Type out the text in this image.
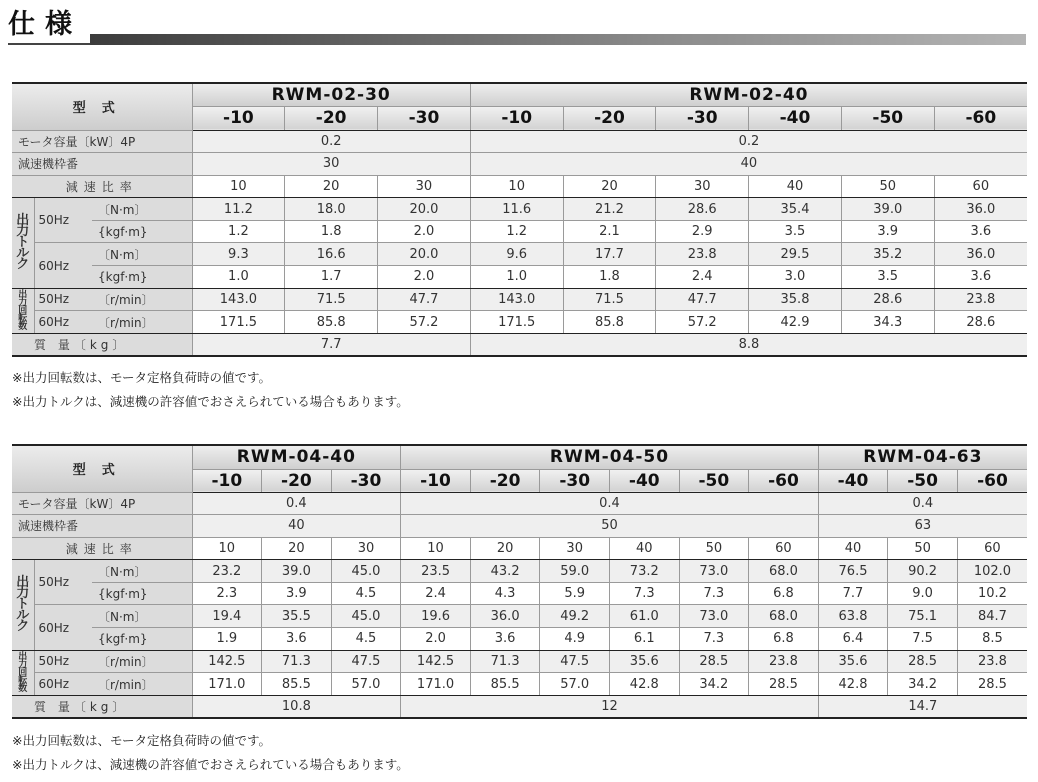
仕様
型式			RWM-02-30			RWM-02-40					
			-10	-20	-30	-10	-20	-30	-40	-50	-60
モータ容量〔kW〕4P			0.2			0.2					
減速機枠番			30			40					
減速比率			10	20	30	10	20	30	40	50	60

出
力
ト
ル
ク	50Hz	〔N·m〕	11.2	18.0	20.0	11.6	21.2	28.6	35.4	39.0	36.0
		{kgf·m}	1.2	1.8	2.0	1.2	2.1	2.9	3.5	3.9	3.6
	60Hz	〔N·m〕	9.3	16.6	20.0	9.6	17.7	23.8	29.5	35.2	36.0
		{kgf·m}	1.0	1.7	2.0	1.0	1.8	2.4	3.0	3.5	3.6

出
力
回
転
数	50Hz	〔r/min〕	143.0	71.5	47.7	143.0	71.5	47.7	35.8	28.6	23.8
	60Hz	〔r/min〕	171.5	85.8	57.2	171.5	85.8	57.2	42.9	34.3	28.6
質 量〔kg〕			7.7			8.8					
※出力回転数は、モータ定格負荷時の値です。
※出力トルクは、減速機の許容値でおさえられている場合もあります。
型式			RWM-04-40			RWM-04-50						RWM-04-63		
			-10	-20	-30	-10	-20	-30	-40	-50	-60	-40	-50	-60
モータ容量〔kW〕4P			0.4			0.4						0.4		
減速機枠番			40			50						63		
減速比率			10	20	30	10	20	30	40	50	60	40	50	60

出
力
ト
ル
ク	50Hz	〔N·m〕	23.2	39.0	45.0	23.5	43.2	59.0	73.2	73.0	68.0	76.5	90.2	102.0
		{kgf·m}	2.3	3.9	4.5	2.4	4.3	5.9	7.3	7.3	6.8	7.7	9.0	10.2
	60Hz	〔N·m〕	19.4	35.5	45.0	19.6	36.0	49.2	61.0	73.0	68.0	63.8	75.1	84.7
		{kgf·m}	1.9	3.6	4.5	2.0	3.6	4.9	6.1	7.3	6.8	6.4	7.5	8.5

出
力
回
転
数	50Hz	〔r/min〕	142.5	71.3	47.5	142.5	71.3	47.5	35.6	28.5	23.8	35.6	28.5	23.8
	60Hz	〔r/min〕	171.0	85.5	57.0	171.0	85.5	57.0	42.8	34.2	28.5	42.8	34.2	28.5
質 量〔kg〕			10.8			12						14.7		
※出力回転数は、モータ定格負荷時の値です。
※出力トルクは、減速機の許容値でおさえられている場合もあります。
